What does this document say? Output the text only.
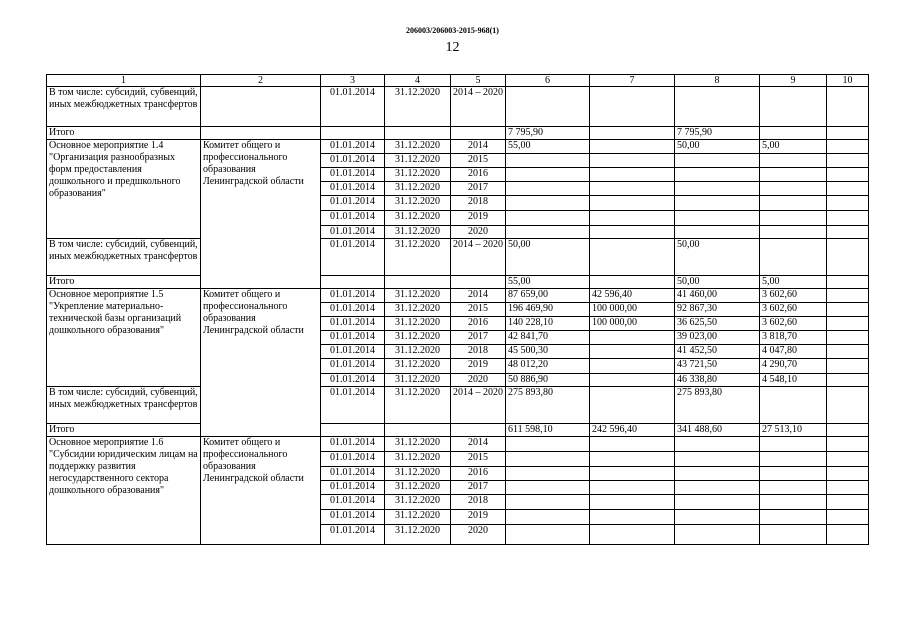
206003/206003-2015-968(1)
12
1	2	3	4	5	6	7	8	9	10
В том числе: субсидий, субвенций, иных межбюджетных трансфертов		01.01.2014	31.12.2020	2014 – 2020					
Итого					7 795,90		7 795,90		
Основное мероприятие 1.4 "Организация разнообразных форм предоставления дошкольного и предшкольного образования"	Комитет общего и профессионального образования Ленинградской области	01.01.2014	31.12.2020	2014	55,00		50,00	5,00	
		01.01.2014	31.12.2020	2015					
		01.01.2014	31.12.2020	2016					
		01.01.2014	31.12.2020	2017					
		01.01.2014	31.12.2020	2018					
		01.01.2014	31.12.2020	2019					
		01.01.2014	31.12.2020	2020					
В том числе: субсидий, субвенций, иных межбюджетных трансфертов		01.01.2014	31.12.2020	2014 – 2020	50,00		50,00		
Итого					55,00		50,00	5,00	
Основное мероприятие 1.5 "Укрепление материально-технической базы организаций дошкольного образования"	Комитет общего и профессионального образования Ленинградской области	01.01.2014	31.12.2020	2014	87 659,00	42 596,40	41 460,00	3 602,60	
		01.01.2014	31.12.2020	2015	196 469,90	100 000,00	92 867,30	3 602,60	
		01.01.2014	31.12.2020	2016	140 228,10	100 000,00	36 625,50	3 602,60	
		01.01.2014	31.12.2020	2017	42 841,70		39 023,00	3 818,70	
		01.01.2014	31.12.2020	2018	45 500,30		41 452,50	4 047,80	
		01.01.2014	31.12.2020	2019	48 012,20		43 721,50	4 290,70	
		01.01.2014	31.12.2020	2020	50 886,90		46 338,80	4 548,10	
В том числе: субсидий, субвенций, иных межбюджетных трансфертов		01.01.2014	31.12.2020	2014 – 2020	275 893,80		275 893,80		
Итого					611 598,10	242 596,40	341 488,60	27 513,10	
Основное мероприятие 1.6 "Субсидии юридическим лицам на поддержку развития негосударственного сектора дошкольного образования"	Комитет общего и профессионального образования Ленинградской области	01.01.2014	31.12.2020	2014					
		01.01.2014	31.12.2020	2015					
		01.01.2014	31.12.2020	2016					
		01.01.2014	31.12.2020	2017					
		01.01.2014	31.12.2020	2018					
		01.01.2014	31.12.2020	2019					
		01.01.2014	31.12.2020	2020					
